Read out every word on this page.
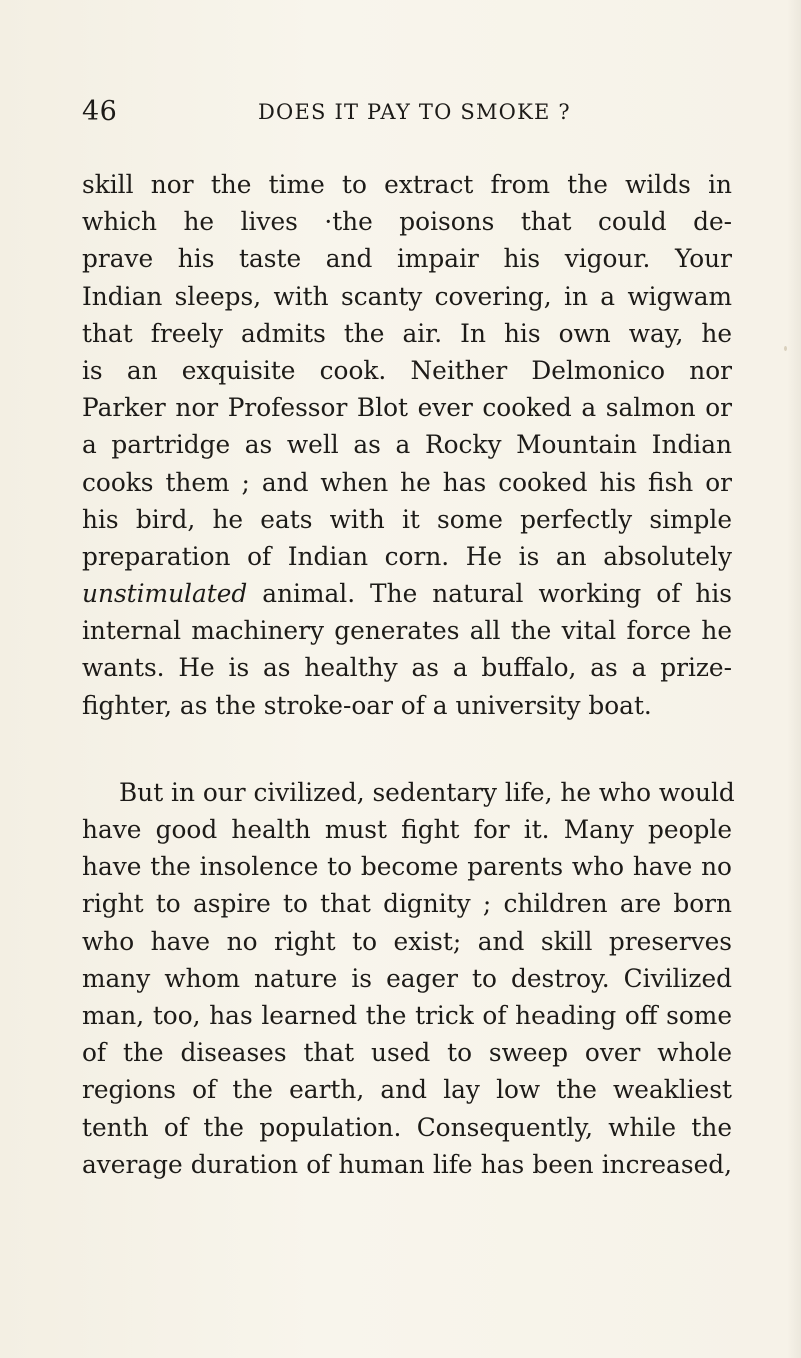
46	DOES IT PAY TO SMOKE ?
skill nor the time to extract from the wilds in
which he lives ·the poisons that could de-
prave his taste and impair his vigour. Your
Indian sleeps, with scanty covering, in a wigwam
that freely admits the air. In his own way, he
is an exquisite cook. Neither Delmonico nor
Parker nor Professor Blot ever cooked a salmon or
a partridge as well as a Rocky Mountain Indian
cooks them ; and when he has cooked his fish or
his bird, he eats with it some perfectly simple
preparation of Indian corn. He is an absolutely
unstimulated animal. The natural working of his
internal machinery generates all the vital force he
wants. He is as healthy as a buffalo, as a prize-
fighter, as the stroke-oar of a university boat.
But in our civilized, sedentary life, he who would
have good health must fight for it. Many people
have the insolence to become parents who have no
right to aspire to that dignity ; children are born
who have no right to exist; and skill preserves
many whom nature is eager to destroy. Civilized
man, too, has learned the trick of heading off some
of the diseases that used to sweep over whole
regions of the earth, and lay low the weakliest
tenth of the population. Consequently, while the
average duration of human life has been increased,
